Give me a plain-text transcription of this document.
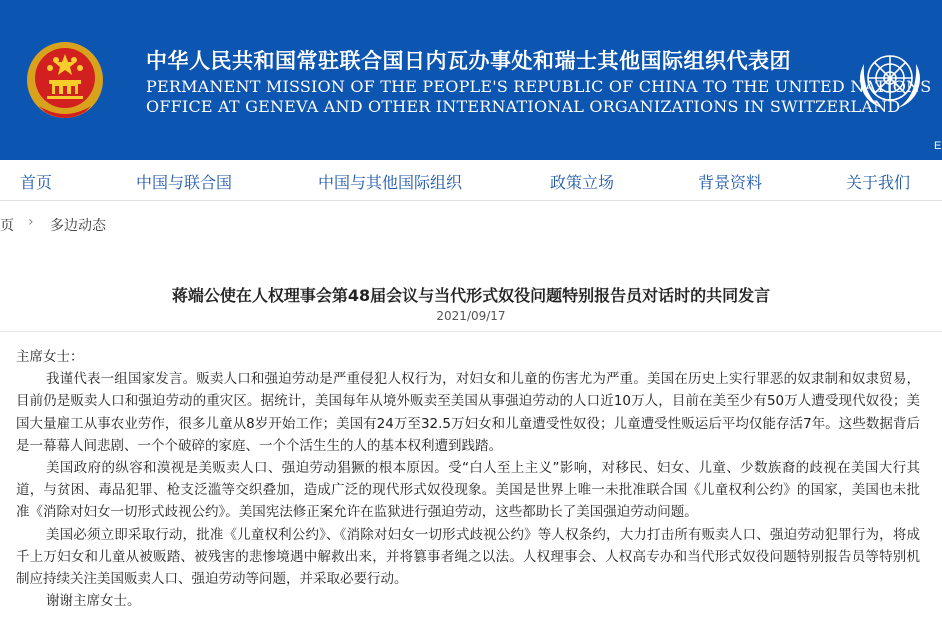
中华人民共和国常驻联合国日内瓦办事处和瑞士其他国际组织代表团
PERMANENT MISSION OF THE PEOPLE'S REPUBLIC OF CHINA TO THE UNITED NATIONS
OFFICE AT GENEVA AND OTHER INTERNATIONAL ORGANIZATIONS IN SWITZERLAND
E
首页	中国与联合国	中国与其他国际组织	政策立场	背景资料	关于我们
页 › 多边动态
蒋端公使在人权理事会第48届会议与当代形式奴役问题特别报告员对话时的共同发言
2021/09/17

主席女士：

我谨代表一组国家发言。贩卖人口和强迫劳动是严重侵犯人权行为，对妇女和儿童的伤害尤为严重。美国在历史上实行罪恶的奴隶制和奴隶贸易，目前仍是贩卖人口和强迫劳动的重灾区。据统计，美国每年从境外贩卖至美国从事强迫劳动的人口近10万人，目前在美至少有50万人遭受现代奴役；美国大量雇工从事农业劳作，很多儿童从8岁开始工作；美国有24万至32.5万妇女和儿童遭受性奴役；儿童遭受性贩运后平均仅能存活7年。这些数据背后是一幕幕人间悲剧、一个个破碎的家庭、一个个活生生的人的基本权利遭到践踏。

美国政府的纵容和漠视是美贩卖人口、强迫劳动猖獗的根本原因。受“白人至上主义”影响，对移民、妇女、儿童、少数族裔的歧视在美国大行其道，与贫困、毒品犯罪、枪支泛滥等交织叠加，造成广泛的现代形式奴役现象。美国是世界上唯一未批准联合国《儿童权利公约》的国家，美国也未批准《消除对妇女一切形式歧视公约》。美国宪法修正案允许在监狱进行强迫劳动，这些都助长了美国强迫劳动问题。

美国必须立即采取行动，批准《儿童权利公约》、《消除对妇女一切形式歧视公约》等人权条约，大力打击所有贩卖人口、强迫劳动犯罪行为，将成千上万妇女和儿童从被贩踏、被残害的悲惨境遇中解救出来，并将篡事者绳之以法。人权理事会、人权高专办和当代形式奴役问题特别报告员等特别机制应持续关注美国贩卖人口、强迫劳动等问题，并采取必要行动。

谢谢主席女士。
